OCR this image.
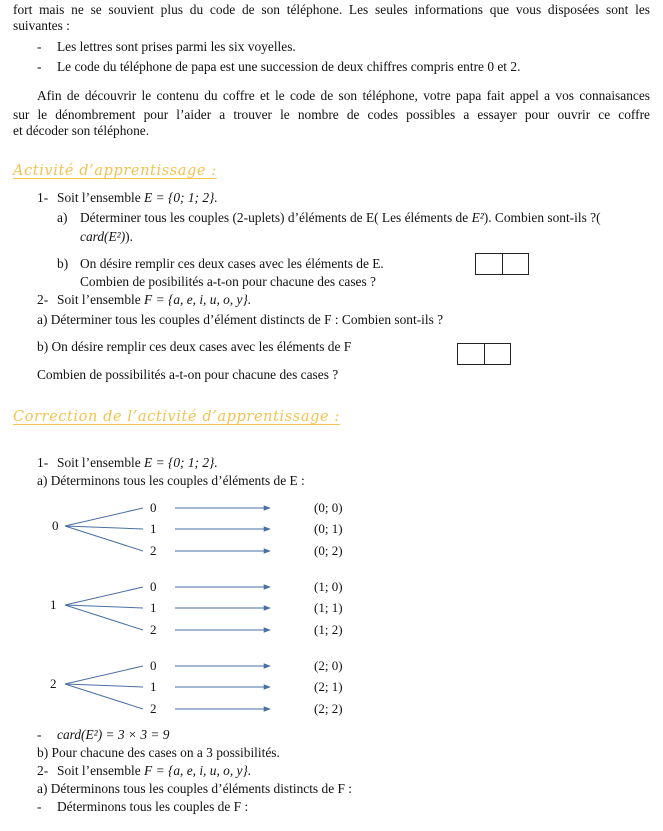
fort mais ne se souvient plus du code de son téléphone. Les seules informations que vous disposées sont les
suivantes :
- Les lettres sont prises parmi les six voyelles.
- Le code du téléphone de papa est une succession de deux chiffres compris entre 0 et 2.
Afin de découvrir le contenu du coffre et le code de son téléphone, votre papa fait appel a vos connaisances
sur le dénombrement pour l’aider a trouver le nombre de codes possibles a essayer pour ouvrir ce coffre
et décoder son téléphone.
Activité d’apprentissage :
1- Soit l’ensemble E = {0; 1; 2}.
a) Déterminer tous les couples (2-uplets) d’éléments de E( Les éléments de E²). Combien sont-ils ?(
card(E²)).
b) On désire remplir ces deux cases avec les éléments de E.
Combien de posibilités a-t-on pour chacune des cases ?
2- Soit l’ensemble F = {a, e, i, u, o, y}.
a) Déterminer tous les couples d’élément distincts de F : Combien sont-ils ?
b) On désire remplir ces deux cases avec les éléments de F
Combien de possibilités a-t-on pour chacune des cases ?
Correction de l’activité d’apprentissage :
1- Soit l’ensemble E = {0; 1; 2}.
a) Déterminons tous les couples d’éléments de E :
0
0	(0; 0)
1	(0; 1)
2	(0; 2)
1
0	(1; 0)
1	(1; 1)
2	(1; 2)
2
0	(2; 0)
1	(2; 1)
2	(2; 2)
- card(E²) = 3 × 3 = 9
b) Pour chacune des cases on a 3 possibilités.
2- Soit l’ensemble F = {a, e, i, u, o, y}.
a) Déterminons tous les couples d’éléments distincts de F :
- Déterminons tous les couples de F :
